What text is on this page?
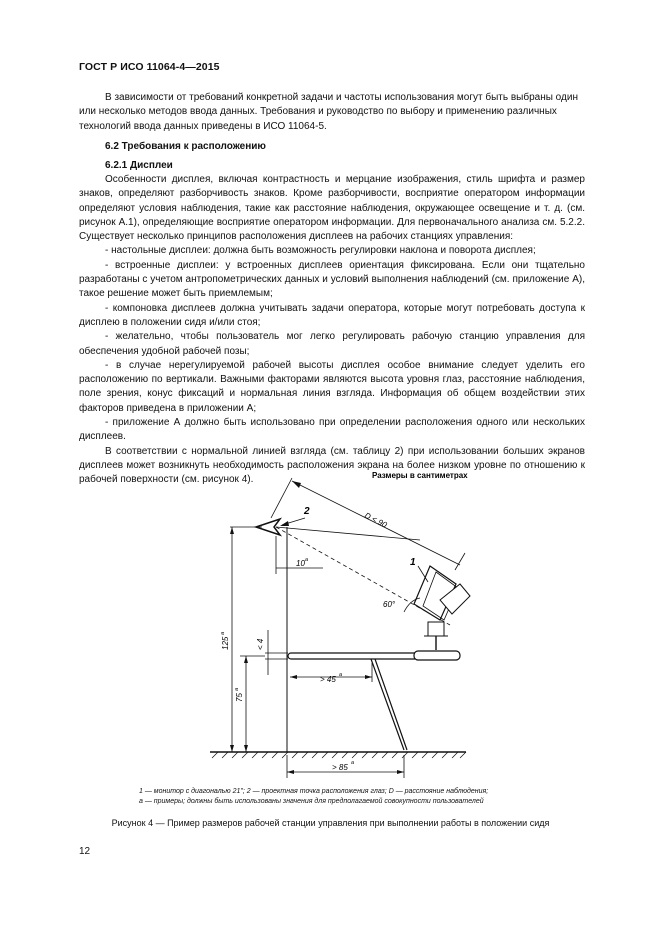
ГОСТ Р ИСО 11064-4—2015

В зависимости от требований конкретной задачи и частоты использования могут быть выбраны один

или несколько методов ввода данных. Требования и руководство по выбору и применению различных

технологий ввода данных приведены в ИСО 11064-5.

6.2 Требования к расположению
6.2.1 Дисплеи

Особенности дисплея, включая контрастность и мерцание изображения, стиль шрифта и размер знаков, определяют разборчивость знаков. Кроме разборчивости, восприятие оператором информации определяют условия наблюдения, такие как расстояние наблюдения, окружающее освещение и т. д. (см. рисунок А.1), определяющие восприятие оператором информации. Для первоначального анализа см. 5.2.2. Существует несколько принципов расположения дисплеев на рабочих станциях управления:

- настольные дисплеи: должна быть возможность регулировки наклона и поворота дисплея;

- встроенные дисплеи: у встроенных дисплеев ориентация фиксирована. Если они тщательно разработаны с учетом антропометрических данных и условий выполнения наблюдений (см. приложение А), такое решение может быть приемлемым;

- компоновка дисплеев должна учитывать задачи оператора, которые могут потребовать доступа к дисплею в положении сидя и/или стоя;

- желательно, чтобы пользователь мог легко регулировать рабочую станцию управления для обеспечения удобной рабочей позы;

- в случае нерегулируемой рабочей высоты дисплея особое внимание следует уделить его расположению по вертикали. Важными факторами являются высота уровня глаз, расстояние наблюдения, поле зрения, конус фиксаций и нормальная линия взгляда. Информация об общем воздействии этих факторов приведена в приложении А;

- приложение А должно быть использовано при определении расположения одного или нескольких дисплеев.

В соответствии с нормальной линией взгляда (см. таблицу 2) при использовании больших экранов дисплеев может возникнуть необходимость расположения экрана на более низком уровне по отношению к рабочей поверхности (см. рисунок 4).	Размеры в сантиметрах
D < 90
2
1
60°
10 a
< 4
> 45 a
125
a
75
a
> 85 a
1 — монитор с диагональю 21"; 2 — проектная точка расположения глаз; D — расстояние наблюдения;
a — примеры; должны быть использованы значения для предполагаемой совокупности пользователей
Рисунок 4 — Пример размеров рабочей станции управления при выполнении работы в положении сидя
12
